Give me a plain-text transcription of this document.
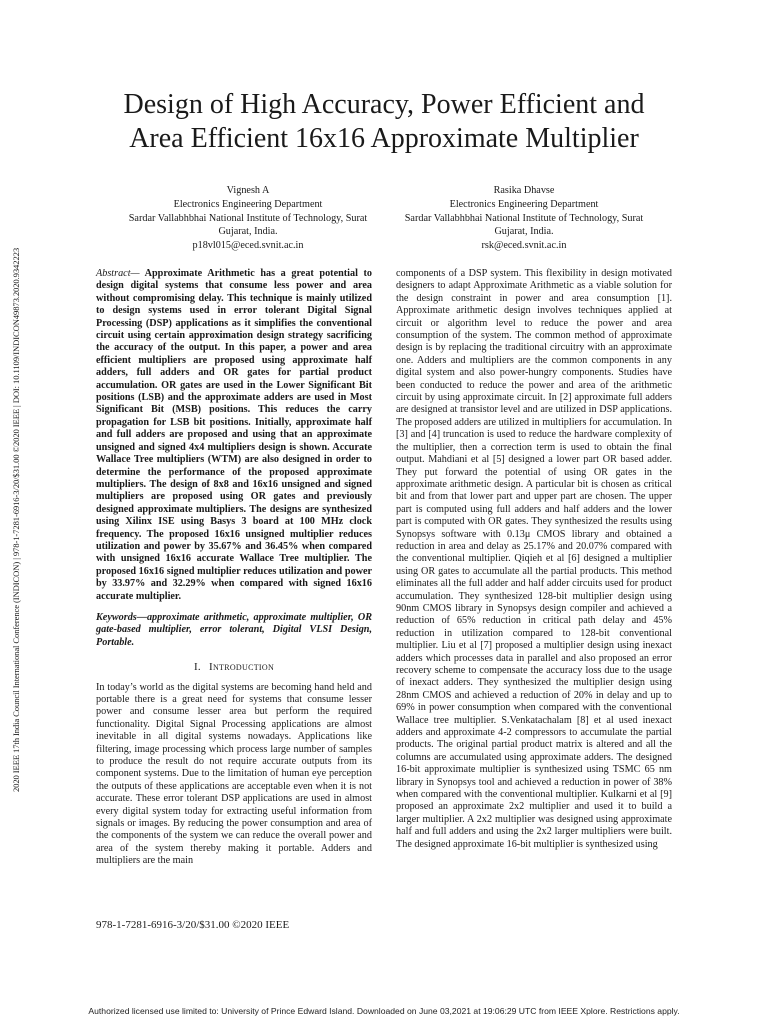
2020 IEEE 17th India Council International Conference (INDICON) | 978-1-7281-6916-3/20/$31.00 ©2020 IEEE | DOI: 10.1109/INDICON49873.2020.9342223
Design of High Accuracy, Power Efficient and
Area Efficient 16x16 Approximate Multiplier
Vignesh A
Electronics Engineering Department
Sardar Vallabhbhai National Institute of Technology, Surat
Gujarat, India.
p18vl015@eced.svnit.ac.in
Rasika Dhavse
Electronics Engineering Department
Sardar Vallabhbhai National Institute of Technology, Surat
Gujarat, India.
rsk@eced.svnit.ac.in

Abstract— Approximate Arithmetic has a great potential to design digital systems that consume less power and area without compromising delay. This technique is mainly utilized to design systems used in error tolerant Digital Signal Processing (DSP) applications as it simplifies the conventional circuit using certain approximation design strategy sacrificing the accuracy of the output. In this paper, a power and area efficient multipliers are proposed using approximate half adders, full adders and OR gates for partial product accumulation. OR gates are used in the Lower Significant Bit positions (LSB) and the approximate adders are used in Most Significant Bit (MSB) positions. This reduces the carry propagation for LSB bit positions. Initially, approximate half and full adders are proposed and using that an approximate unsigned and signed 4x4 multipliers design is shown. Accurate Wallace Tree multipliers (WTM) are also designed in order to determine the performance of the proposed approximate multipliers. The design of 8x8 and 16x16 unsigned and signed multipliers are proposed using OR gates and previously designed approximate multipliers. The designs are synthesized using Xilinx ISE using Basys 3 board at 100 MHz clock frequency. The proposed 16x16 unsigned multiplier reduces utilization and power by 35.67% and 36.45% when compared with unsigned 16x16 accurate Wallace Tree multiplier. The proposed 16x16 signed multiplier reduces utilization and power by 33.97% and 32.29% when compared with signed 16x16 accurate multiplier.

Keywords—approximate arithmetic, approximate multiplier, OR gate-based multiplier, error tolerant, Digital VLSI Design, Portable.

I. Introduction

In today’s world as the digital systems are becoming hand held and portable there is a great need for systems that consume lesser power and consume lesser area but perform the required functionality. Digital Signal Processing applications are almost inevitable in all digital systems nowadays. Applications like filtering, image processing which process large number of samples to produce the result do not require accurate outputs from its component systems. Due to the limitation of human eye perception the outputs of these applications are acceptable even when it is not accurate. These error tolerant DSP applications are used in almost every digital system today for extracting useful information from signals or images. By reducing the power consumption and area of the components of the system we can reduce the overall power and area of the system thereby making it portable. Adders and multipliers are the main

components of a DSP system. This flexibility in design motivated designers to adapt Approximate Arithmetic as a viable solution for the design constraint in power and area consumption [1]. Approximate arithmetic design involves techniques applied at circuit or algorithm level to reduce the power and area consumption of the system. The common method of approximate design is by replacing the traditional circuitry with an approximate one. Adders and multipliers are the common components in any digital system and also power-hungry components. Studies have been conducted to reduce the power and area of the arithmetic circuit by using approximate circuit. In [2] approximate full adders are designed at transistor level and are utilized in DSP applications. The proposed adders are utilized in multipliers for accumulation. In [3] and [4] truncation is used to reduce the hardware complexity of the multiplier, then a correction term is used to obtain the final output. Mahdiani et al [5] designed a lower part OR based adder. They put forward the potential of using OR gates in the approximate arithmetic design. A particular bit is chosen as critical bit and from that lower part and upper part are chosen. The upper part is computed using full adders and half adders and the lower part is computed with OR gates. They synthesized the results using Synopsys software with 0.13μ CMOS library and obtained a reduction in area and delay as 25.17% and 20.07% compared with the conventional multiplier. Qiqieh et al [6] designed a multiplier using OR gates to accumulate all the partial products. This method eliminates all the full adder and half adder circuits used for product accumulation. They synthesized 128-bit multiplier design using 90nm CMOS library in Synopsys design compiler and achieved a reduction of 65% reduction in critical path delay and 45% reduction in utilization compared to 128-bit conventional multiplier. Liu et al [7] proposed a multiplier design using inexact adders which processes data in parallel and also proposed an error recovery scheme to compensate the accuracy loss due to the usage of inexact adders. They synthesized the multiplier design using 28nm CMOS and achieved a reduction of 20% in delay and up to 69% in power consumption when compared with the conventional Wallace tree multiplier. S.Venkatachalam [8] et al used inexact adders and approximate 4-2 compressors to accumulate the partial products. The original partial product matrix is altered and all the columns are accumulated using approximate adders. The designed 16-bit approximate multiplier is synthesized using TSMC 65 nm library in Synopsys tool and achieved a reduction in power of 38% when compared with the conventional multiplier. Kulkarni et al [9] proposed an approximate 2x2 multiplier and used it to build a larger multiplier. A 2x2 multiplier was designed using approximate half and full adders and using the 2x2 larger multipliers were built. The designed approximate 16-bit multiplier is synthesized using

978-1-7281-6916-3/20/$31.00 ©2020 IEEE
Authorized licensed use limited to: University of Prince Edward Island. Downloaded on June 03,2021 at 19:06:29 UTC from IEEE Xplore. Restrictions apply.
